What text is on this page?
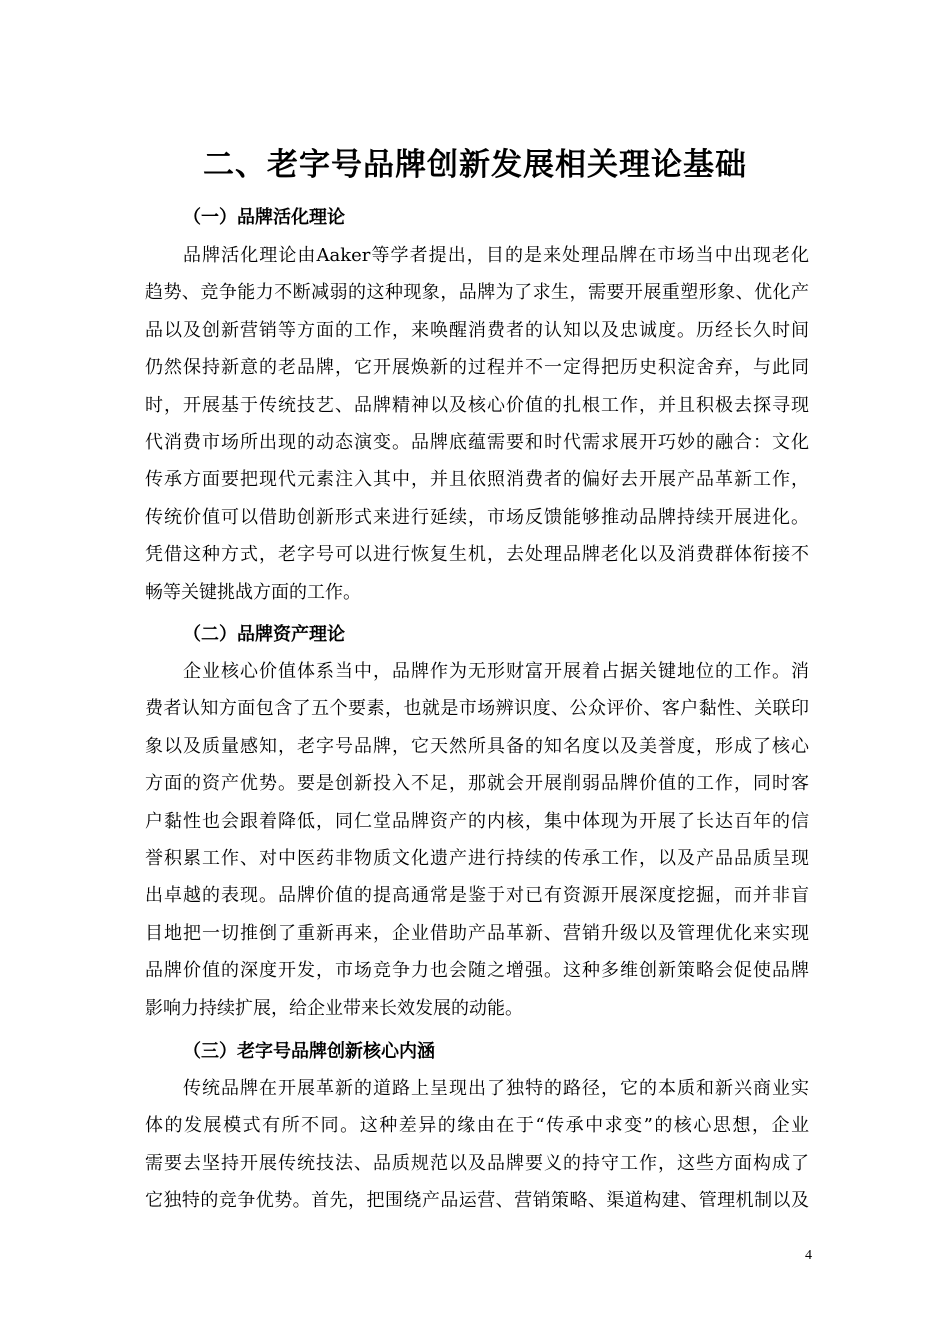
二、老字号品牌创新发展相关理论基础
（一）品牌活化理论
品牌活化理论由Aaker等学者提出，目的是来处理品牌在市场当中出现老化
趋势、竞争能力不断减弱的这种现象，品牌为了求生，需要开展重塑形象、优化产
品以及创新营销等方面的工作，来唤醒消费者的认知以及忠诚度。历经长久时间
仍然保持新意的老品牌，它开展焕新的过程并不一定得把历史积淀舍弃，与此同
时，开展基于传统技艺、品牌精神以及核心价值的扎根工作，并且积极去探寻现
代消费市场所出现的动态演变。品牌底蕴需要和时代需求展开巧妙的融合：文化
传承方面要把现代元素注入其中，并且依照消费者的偏好去开展产品革新工作，
传统价值可以借助创新形式来进行延续，市场反馈能够推动品牌持续开展进化。
凭借这种方式，老字号可以进行恢复生机，去处理品牌老化以及消费群体衔接不
畅等关键挑战方面的工作。
（二）品牌资产理论
企业核心价值体系当中，品牌作为无形财富开展着占据关键地位的工作。消
费者认知方面包含了五个要素，也就是市场辨识度、公众评价、客户黏性、关联印
象以及质量感知，老字号品牌，它天然所具备的知名度以及美誉度，形成了核心
方面的资产优势。要是创新投入不足，那就会开展削弱品牌价值的工作，同时客
户黏性也会跟着降低，同仁堂品牌资产的内核，集中体现为开展了长达百年的信
誉积累工作、对中医药非物质文化遗产进行持续的传承工作，以及产品品质呈现
出卓越的表现。品牌价值的提高通常是鉴于对已有资源开展深度挖掘，而并非盲
目地把一切推倒了重新再来，企业借助产品革新、营销升级以及管理优化来实现
品牌价值的深度开发，市场竞争力也会随之增强。这种多维创新策略会促使品牌
影响力持续扩展，给企业带来长效发展的动能。
（三）老字号品牌创新核心内涵
传统品牌在开展革新的道路上呈现出了独特的路径，它的本质和新兴商业实
体的发展模式有所不同。这种差异的缘由在于“传承中求变”的核心思想，企业
需要去坚持开展传统技法、品质规范以及品牌要义的持守工作，这些方面构成了
它独特的竞争优势。首先，把围绕产品运营、营销策略、渠道构建、管理机制以及
4
